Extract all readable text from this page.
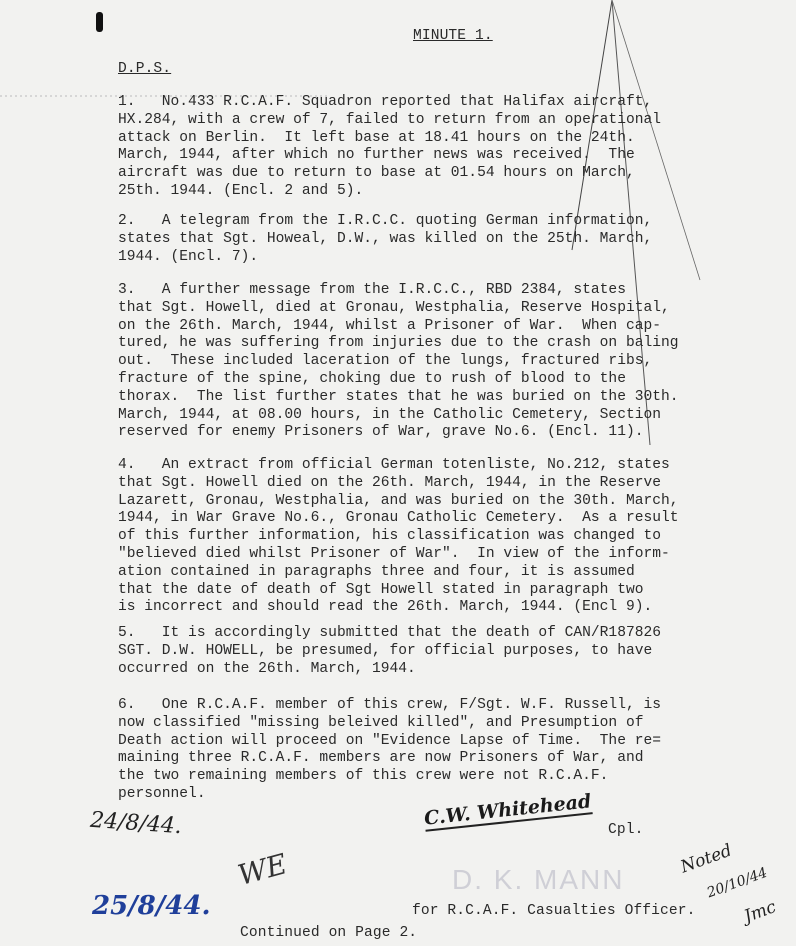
MINUTE 1.
D.P.S.
1.   No.433 R.C.A.F. Squadron reported that Halifax aircraft,
HX.284, with a crew of 7, failed to return from an operational
attack on Berlin.  It left base at 18.41 hours on the 24th.
March, 1944, after which no further news was received.  The
aircraft was due to return to base at 01.54 hours on March,
25th. 1944. (Encl. 2 and 5).
2.   A telegram from the I.R.C.C. quoting German information,
states that Sgt. Howeal, D.W., was killed on the 25th. March,
1944. (Encl. 7).
3.   A further message from the I.R.C.C., RBD 2384, states
that Sgt. Howell, died at Gronau, Westphalia, Reserve Hospital,
on the 26th. March, 1944, whilst a Prisoner of War.  When cap-
tured, he was suffering from injuries due to the crash on baling
out.  These included laceration of the lungs, fractured ribs,
fracture of the spine, choking due to rush of blood to the
thorax.  The list further states that he was buried on the 30th.
March, 1944, at 08.00 hours, in the Catholic Cemetery, Section
reserved for enemy Prisoners of War, grave No.6. (Encl. 11).
4.   An extract from official German totenliste, No.212, states
that Sgt. Howell died on the 26th. March, 1944, in the Reserve
Lazarett, Gronau, Westphalia, and was buried on the 30th. March,
1944, in War Grave No.6., Gronau Catholic Cemetery.  As a result
of this further information, his classification was changed to
"believed died whilst Prisoner of War".  In view of the inform-
ation contained in paragraphs three and four, it is assumed
that the date of death of Sgt Howell stated in paragraph two
is incorrect and should read the 26th. March, 1944. (Encl 9).
5.   It is accordingly submitted that the death of CAN/R187826
SGT. D.W. HOWELL, be presumed, for official purposes, to have
occurred on the 26th. March, 1944.
6.   One R.C.A.F. member of this crew, F/Sgt. W.F. Russell, is
now classified "missing beleived killed", and Presumption of
Death action will proceed on "Evidence Lapse of Time.  The re=
maining three R.C.A.F. members are now Prisoners of War, and
the two remaining members of this crew were not R.C.A.F.
personnel.
24/8/44.	C.W. Whitehead
Cpl.
WE	D. K. MANN
25/8/44.
Noted
20/10/44
Jmc
for R.C.A.F. Casualties Officer.
Continued on Page 2.
